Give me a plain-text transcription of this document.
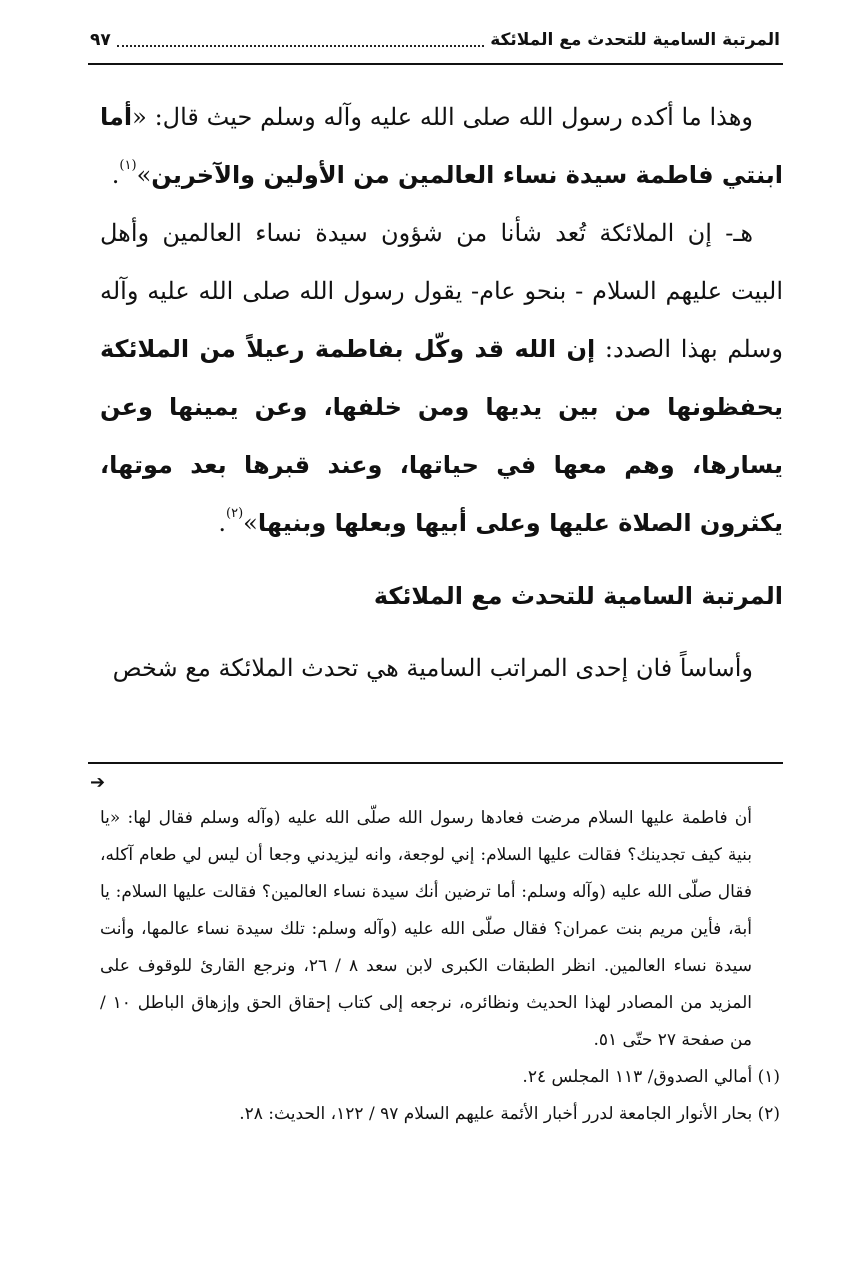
المرتبة السامية للتحدث مع الملائكة
٩٧

وهذا ما أكده رسول الله صلى الله عليه وآله وسلم حيث قال: «أما ابنتي فاطمة سيدة نساء العالمين من الأولين والآخرين»$^{(١)}$.

هـ- إن الملائكة تُعد شأنا من شؤون سيدة نساء العالمين وأهل البيت عليهم السلام - بنحو عام- يقول رسول الله صلى الله عليه وآله وسلم بهذا الصدد: إن الله قد وكّل بفاطمة رعيلاً من الملائكة يحفظونها من بين يديها ومن خلفها، وعن يمينها وعن يسارها، وهم معها في حياتها، وعند قبرها بعد موتها، يكثرون الصلاة عليها وعلى أبيها وبعلها وبنيها»$^{(٢)}$.

المرتبة السامية للتحدث مع الملائكة
وأساساً فان إحدى المراتب السامية هي تحدث الملائكة مع شخص
➔

أن فاطمة عليها السلام مرضت فعادها رسول الله صلّى الله عليه (وآله وسلم فقال لها: «يا بنية كيف تجدينك؟ فقالت عليها السلام: إني لوجعة، وانه ليزيدني وجعا أن ليس لي طعام آكله، فقال صلّى الله عليه (وآله وسلم: أما ترضين أنك سيدة نساء العالمين؟ فقالت عليها السلام: يا أبة، فأين مريم بنت عمران؟ فقال صلّى الله عليه (وآله وسلم: تلك سيدة نساء عالمها، وأنت سيدة نساء العالمين. انظر الطبقات الكبرى لابن سعد ٨ / ٢٦، ونرجع القارئ للوقوف على المزيد من المصادر لهذا الحديث ونظائره، نرجعه إلى كتاب إحقاق الحق وإزهاق الباطل ١٠ / من صفحة ٢٧ حتّى ٥١.

(١) أمالي الصدوق/ ١١٣ المجلس ٢٤.

(٢) بحار الأنوار الجامعة لدرر أخبار الأئمة عليهم السلام ٩٧ / ١٢٢، الحديث: ٢٨.
